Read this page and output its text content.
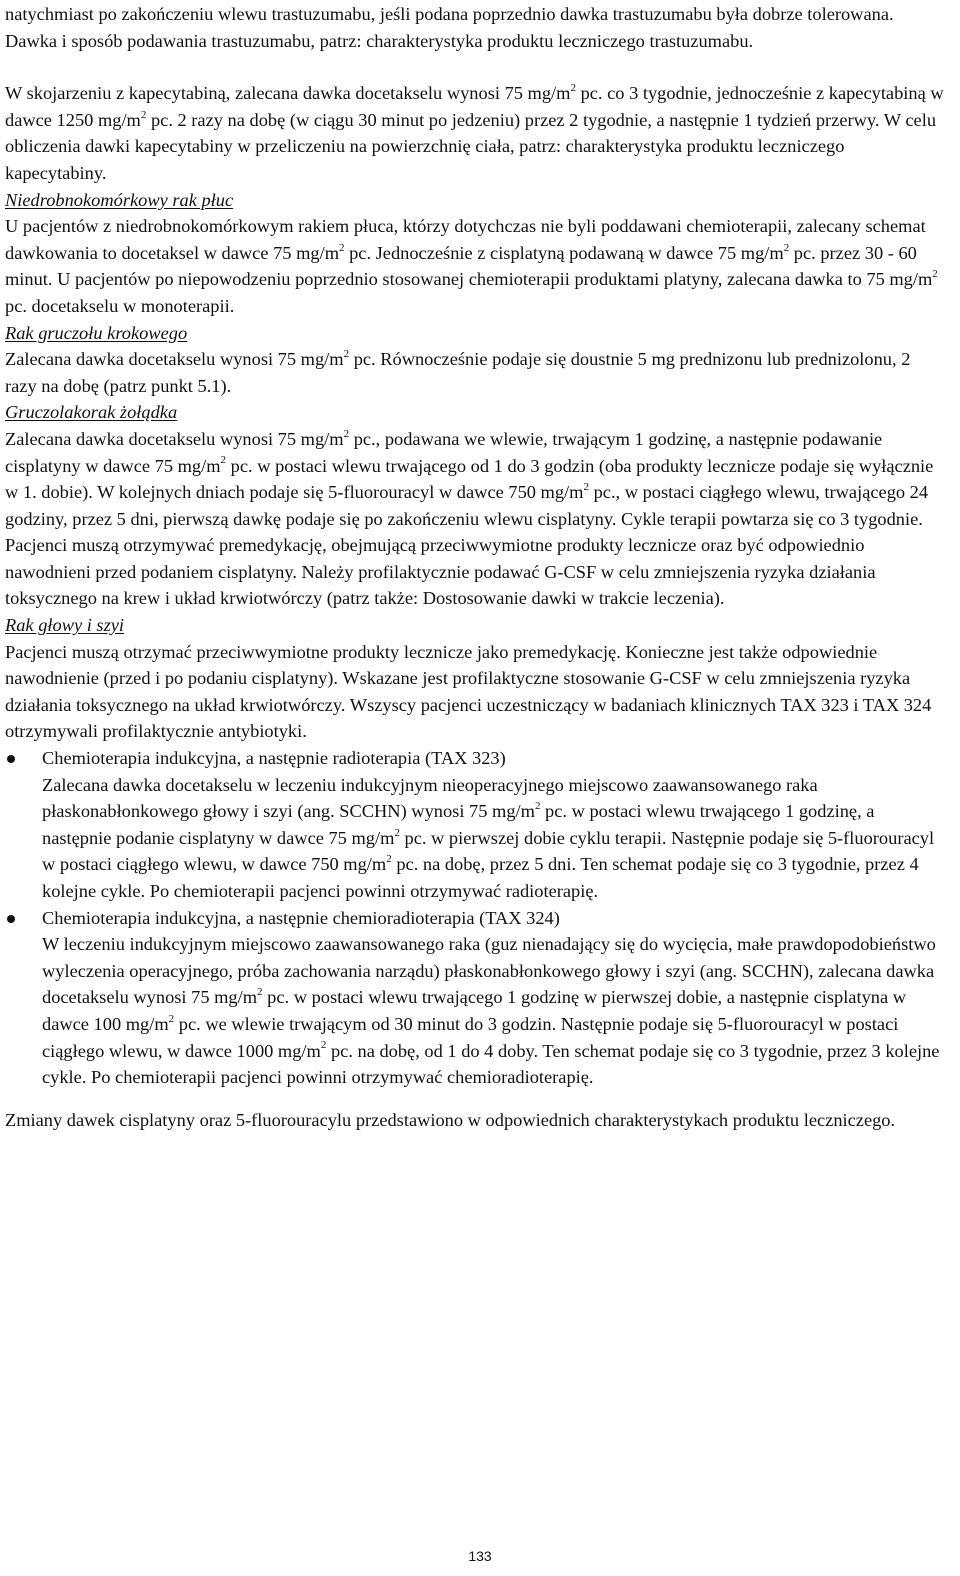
natychmiast po zakończeniu wlewu trastuzumabu, jeśli podana poprzednio dawka trastuzumabu była dobrze tolerowana. Dawka i sposób podawania trastuzumabu, patrz: charakterystyka produktu leczniczego trastuzumabu.

W skojarzeniu z kapecytabiną, zalecana dawka docetakselu wynosi 75 $mg/m^2$ pc. co 3 tygodnie, jednocześnie z kapecytabiną w dawce 1250 $mg/m^2$ pc. 2 razy na dobę (w ciągu 30 minut po jedzeniu) przez 2 tygodnie, a następnie 1 tydzień przerwy. W celu obliczenia dawki kapecytabiny w przeliczeniu na powierzchnię ciała, patrz: charakterystyka produktu leczniczego kapecytabiny.

Niedrobnokomórkowy rak płuc

U pacjentów z niedrobnokomórkowym rakiem płuca, którzy dotychczas nie byli poddawani chemioterapii, zalecany schemat dawkowania to docetaksel w dawce 75 $mg/m^2$ pc. Jednocześnie z cisplatyną podawaną w dawce 75 $mg/m^2$ pc. przez 30 - 60 minut. U pacjentów po niepowodzeniu poprzednio stosowanej chemioterapii produktami platyny, zalecana dawka to 75 $mg/m^2$ pc. docetakselu w monoterapii.

Rak gruczołu krokowego

Zalecana dawka docetakselu wynosi 75 $mg/m^2$ pc. Równocześnie podaje się doustnie 5 mg prednizonu lub prednizolonu, 2 razy na dobę (patrz punkt 5.1).

Gruczolakorak żołądka

Zalecana dawka docetakselu wynosi 75 $mg/m^2$ pc., podawana we wlewie, trwającym 1 godzinę, a następnie podawanie cisplatyny w dawce 75 $mg/m^2$ pc. w postaci wlewu trwającego od 1 do 3 godzin (oba produkty lecznicze podaje się wyłącznie w 1. dobie). W kolejnych dniach podaje się 5-fluorouracyl w dawce 750 $mg/m^2$ pc., w postaci ciągłego wlewu, trwającego 24 godziny, przez 5 dni, pierwszą dawkę podaje się po zakończeniu wlewu cisplatyny. Cykle terapii powtarza się co 3 tygodnie. Pacjenci muszą otrzymywać premedykację, obejmującą przeciwwymiotne produkty lecznicze oraz być odpowiednio nawodnieni przed podaniem cisplatyny. Należy profilaktycznie podawać G-CSF w celu zmniejszenia ryzyka działania toksycznego na krew i układ krwiotwórczy (patrz także: Dostosowanie dawki w trakcie leczenia).

Rak głowy i szyi

Pacjenci muszą otrzymać przeciwwymiotne produkty lecznicze jako premedykację. Konieczne jest także odpowiednie nawodnienie (przed i po podaniu cisplatyny). Wskazane jest profilaktyczne stosowanie G-CSF w celu zmniejszenia ryzyka działania toksycznego na układ krwiotwórczy. Wszyscy pacjenci uczestniczący w badaniach klinicznych TAX 323 i TAX 324 otrzymywali profilaktycznie antybiotyki.

Chemioterapia indukcyjna, a następnie radioterapia (TAX 323)
Zalecana dawka docetakselu w leczeniu indukcyjnym nieoperacyjnego miejscowo zaawansowanego raka płaskonabłonkowego głowy i szyi (ang. SCCHN) wynosi 75 $mg/m^2$ pc. w postaci wlewu trwającego 1 godzinę, a następnie podanie cisplatyny w dawce 75 $mg/m^2$ pc. w pierwszej dobie cyklu terapii. Następnie podaje się 5-fluorouracyl w postaci ciągłego wlewu, w dawce 750 $mg/m^2$ pc. na dobę, przez 5 dni. Ten schemat podaje się co 3 tygodnie, przez 4 kolejne cykle. Po chemioterapii pacjenci powinni otrzymywać radioterapię.
Chemioterapia indukcyjna, a następnie chemioradioterapia (TAX 324)
W leczeniu indukcyjnym miejscowo zaawansowanego raka (guz nienadający się do wycięcia, małe prawdopodobieństwo wyleczenia operacyjnego, próba zachowania narządu) płaskonabłonkowego głowy i szyi (ang. SCCHN), zalecana dawka docetakselu wynosi 75 $mg/m^2$ pc. w postaci wlewu trwającego 1 godzinę w pierwszej dobie, a następnie cisplatyna w dawce 100 $mg/m^2$ pc. we wlewie trwającym od 30 minut do 3 godzin. Następnie podaje się 5-fluorouracyl w postaci ciągłego wlewu, w dawce 1000 $mg/m^2$ pc. na dobę, od 1 do 4 doby. Ten schemat podaje się co 3 tygodnie, przez 3 kolejne cykle. Po chemioterapii pacjenci powinni otrzymywać chemioradioterapię.

Zmiany dawek cisplatyny oraz 5-fluorouracylu przedstawiono w odpowiednich charakterystykach produktu leczniczego.

133
